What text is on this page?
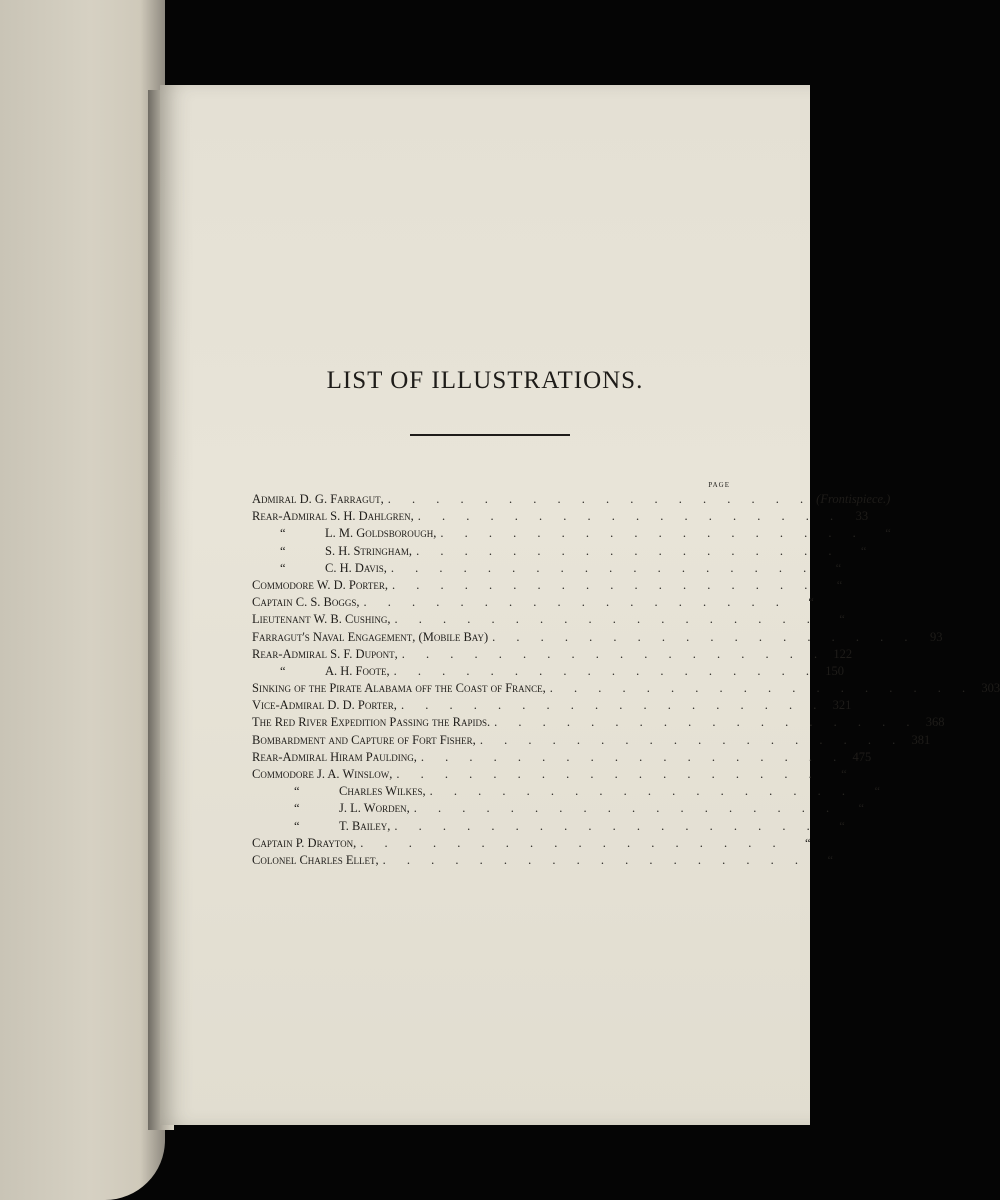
LIST OF ILLUSTRATIONS.
PAGE
Admiral D. G. Farragut, . . . . . . . . . . . . . . . . . . (Frontispiece.)
Rear-Admiral S. H. Dahlgren, . . . . . . . . . . . . . . . . . .	33
“	L. M. Goldsborough, . . . . . . . . . . . . . . . . . .	“
“	S. H. Stringham, . . . . . . . . . . . . . . . . . .	“
“	C. H. Davis, . . . . . . . . . . . . . . . . . .	“
Commodore W. D. Porter, . . . . . . . . . . . . . . . . . .	“
Captain C. S. Boggs, . . . . . . . . . . . . . . . . . .	“
Lieutenant W. B. Cushing, . . . . . . . . . . . . . . . . . .	“
Farragut's Naval Engagement, (Mobile Bay) . . . . . . . . . . . . . . . . . .	93
Rear-Admiral S. F. Dupont, . . . . . . . . . . . . . . . . . . 122
“	A. H. Foote, . . . . . . . . . . . . . . . . . . 150
Sinking of the Pirate Alabama off the Coast of France, . . . . . . . . . . . . . . . . . . 303
Vice-Admiral D. D. Porter, . . . . . . . . . . . . . . . . . . 321
The Red River Expedition Passing the Rapids. . . . . . . . . . . . . . . . . . . 368
Bombardment and Capture of Fort Fisher, . . . . . . . . . . . . . . . . . . 381
Rear-Admiral Hiram Paulding, . . . . . . . . . . . . . . . . . . 475
Commodore J. A. Winslow, . . . . . . . . . . . . . . . . . .	“
“	Charles Wilkes, . . . . . . . . . . . . . . . . . .	“
“	J. L. Worden, . . . . . . . . . . . . . . . . . .	“
“	T. Bailey, . . . . . . . . . . . . . . . . . .	“
Captain P. Drayton, . . . . . . . . . . . . . . . . . .	“
Colonel Charles Ellet, . . . . . . . . . . . . . . . . . .	“
